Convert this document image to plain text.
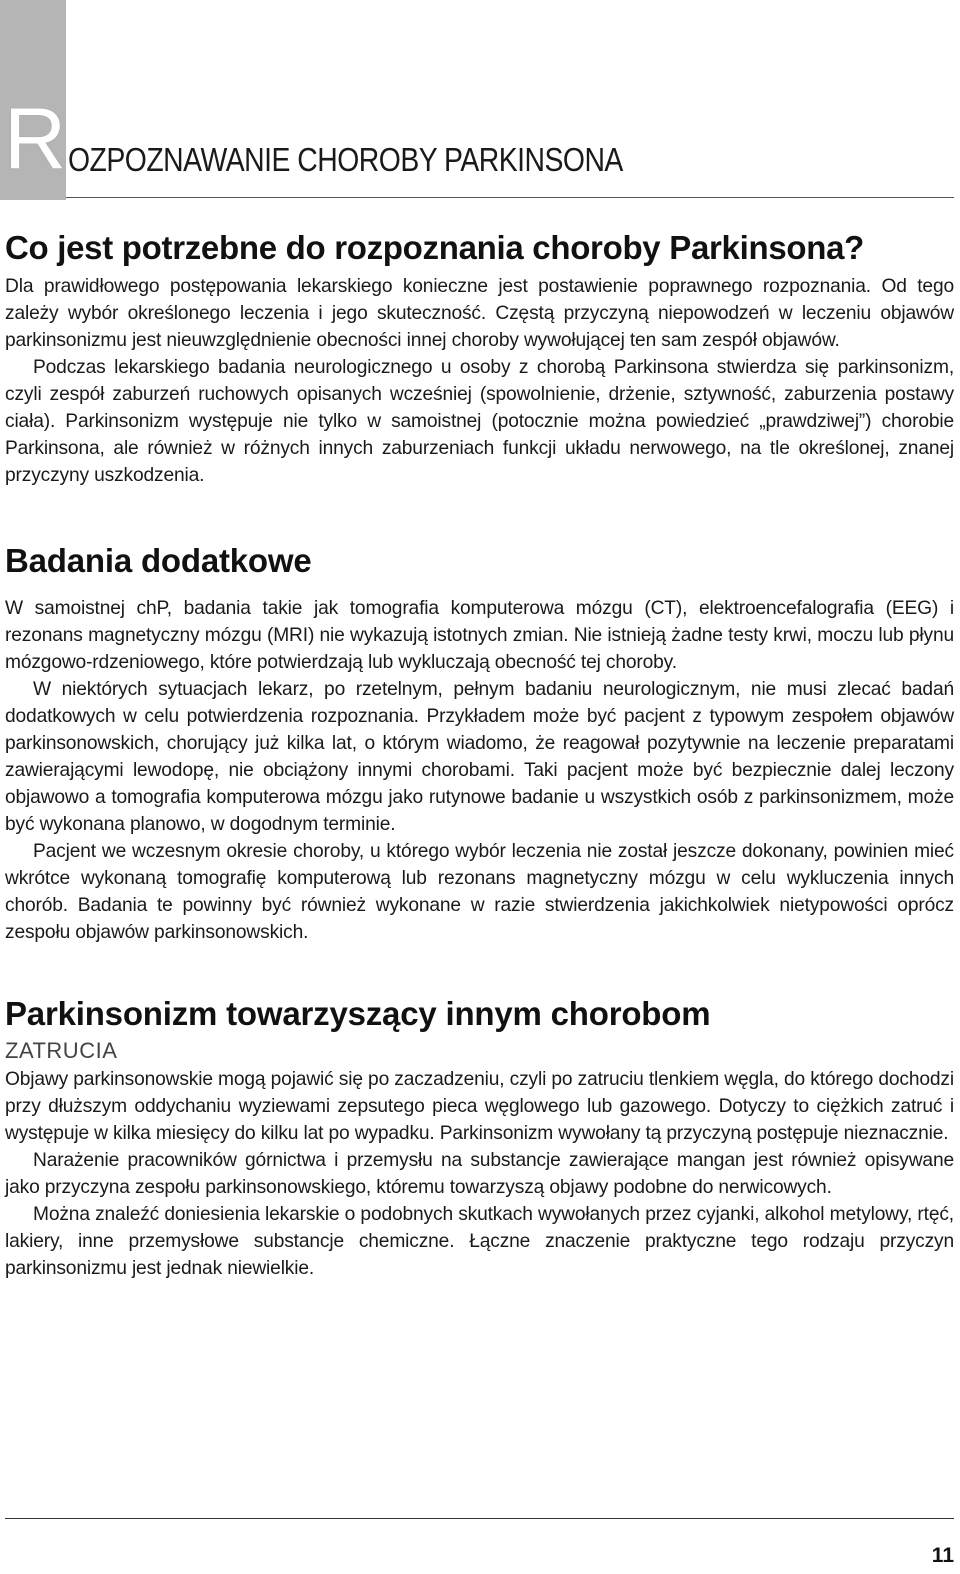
R OZPOZNAWANIE CHOROBY PARKINSONA
Co jest potrzebne do rozpoznania choroby Parkinsona?

Dla prawidłowego postępowania lekarskiego konieczne jest postawienie poprawnego rozpoznania. Od tego zależy wybór określonego leczenia i jego skuteczność. Częstą przyczyną niepowodzeń w leczeniu objawów parkinsonizmu jest nieuwzględnienie obecności innej choroby wywołującej ten sam zespół objawów.

Podczas lekarskiego badania neurologicznego u osoby z chorobą Parkinsona stwierdza się parkinsonizm, czyli zespół zaburzeń ruchowych opisanych wcześniej (spowolnienie, drżenie, sztywność, zaburzenia postawy ciała). Parkinsonizm występuje nie tylko w samoistnej (potocznie można powiedzieć „prawdziwej”) chorobie Parkinsona, ale również w różnych innych zaburzeniach funkcji układu nerwowego, na tle określonej, znanej przyczyny uszkodzenia.

Badania dodatkowe

W samoistnej chP, badania takie jak tomografia komputerowa mózgu (CT), elektroencefalografia (EEG) i rezonans magnetyczny mózgu (MRI) nie wykazują istotnych zmian. Nie istnieją żadne testy krwi, moczu lub płynu mózgowo-rdzeniowego, które potwierdzają lub wykluczają obecność tej choroby.

W niektórych sytuacjach lekarz, po rzetelnym, pełnym badaniu neurologicznym, nie musi zlecać badań dodatkowych w celu potwierdzenia rozpoznania. Przykładem może być pacjent z typowym zespołem objawów parkinsonowskich, chorujący już kilka lat, o którym wiadomo, że reagował pozytywnie na leczenie preparatami zawierającymi lewodopę, nie obciążony innymi chorobami. Taki pacjent może być bezpiecznie dalej leczony objawowo a tomografia komputerowa mózgu jako rutynowe badanie u wszystkich osób z parkinsonizmem, może być wykonana planowo, w dogodnym terminie.

Pacjent we wczesnym okresie choroby, u którego wybór leczenia nie został jeszcze dokonany, powinien mieć wkrótce wykonaną tomografię komputerową lub rezonans magnetyczny mózgu w celu wykluczenia innych chorób. Badania te powinny być również wykonane w razie stwierdzenia jakichkolwiek nietypowości oprócz zespołu objawów parkinsonowskich.

Parkinsonizm towarzyszący innym chorobom
ZATRUCIA

Objawy parkinsonowskie mogą pojawić się po zaczadzeniu, czyli po zatruciu tlenkiem węgla, do którego dochodzi przy dłuższym oddychaniu wyziewami zepsutego pieca węglowego lub gazowego. Dotyczy to ciężkich zatruć i występuje w kilka miesięcy do kilku lat po wypadku. Parkinsonizm wywołany tą przyczyną postępuje nieznacznie.

Narażenie pracowników górnictwa i przemysłu na substancje zawierające mangan jest również opisywane jako przyczyna zespołu parkinsonowskiego, któremu towarzyszą objawy podobne do nerwicowych.

Można znaleźć doniesienia lekarskie o podobnych skutkach wywołanych przez cyjanki, alkohol metylowy, rtęć, lakiery, inne przemysłowe substancje chemiczne. Łączne znaczenie praktyczne tego rodzaju przyczyn parkinsonizmu jest jednak niewielkie.

11
